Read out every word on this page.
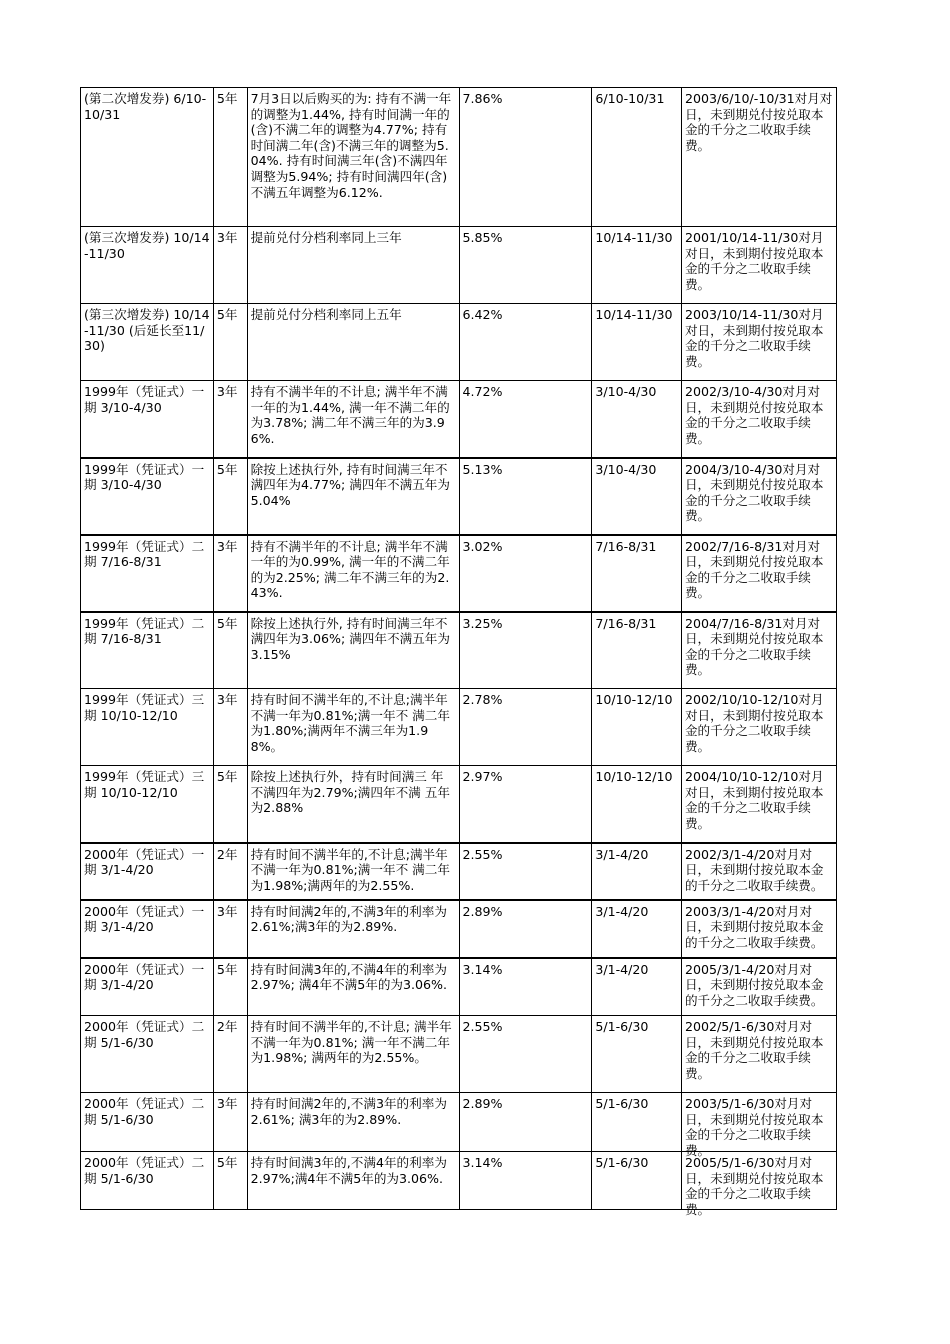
(第二次增发券) 6/10-10/31	5年	7月3日以后购买的为: 持有不满一年的调整为1.44%, 持有时间满一年的(含)不满二年的调整为4.77%; 持有时间满二年(含)不满三年的调整为5.04%. 持有时间满三年(含)不满四年调整为5.94%; 持有时间满四年(含)不满五年调整为6.12%.	7.86%	6/10-10/31	2003/6/10/-10/31对月对日，未到期兑付按兑取本金的千分之二收取手续费。
(第三次增发券) 10/14-11/30	3年	提前兑付分档利率同上三年	5.85%	10/14-11/30	2001/10/14-11/30对月对日，未到期付按兑取本金的千分之二收取手续费。
(第三次增发券) 10/14-11/30 (后延长至11/30)	5年	提前兑付分档利率同上五年	6.42%	10/14-11/30	2003/10/14-11/30对月对日，未到期付按兑取本金的千分之二收取手续费。
1999年（凭证式）一期 3/10-4/30	3年	持有不满半年的不计息; 满半年不满一年的为1.44%, 满一年不满二年的为3.78%; 满二年不满三年的为3.96%.	4.72%	3/10-4/30	2002/3/10-4/30对月对日，未到期兑付按兑取本金的千分之二收取手续费。
1999年（凭证式）一期 3/10-4/30	5年	除按上述执行外, 持有时间满三年不满四年为4.77%; 满四年不满五年为5.04%	5.13%	3/10-4/30	2004/3/10-4/30对月对日，未到期兑付按兑取本金的千分之二收取手续费。
1999年（凭证式）二期 7/16-8/31	3年	持有不满半年的不计息; 满半年不满一年的为0.99%, 满一年的不满二年的为2.25%; 满二年不满三年的为2.43%.	3.02%	7/16-8/31	2002/7/16-8/31对月对日，未到期兑付按兑取本金的千分之二收取手续费。
1999年（凭证式）二期 7/16-8/31	5年	除按上述执行外, 持有时间满三年不满四年为3.06%; 满四年不满五年为3.15%	3.25%	7/16-8/31	2004/7/16-8/31对月对日，未到期兑付按兑取本金的千分之二收取手续费。
1999年（凭证式）三期 10/10-12/10	3年	持有时间不满半年的,不计息;满半年不满一年为0.81%;满一年不 满二年为1.80%;满两年不满三年为1.98%。	2.78%	10/10-12/10	2002/10/10-12/10对月对日，未到期付按兑取本金的千分之二收取手续费。
1999年（凭证式）三期 10/10-12/10	5年	除按上述执行外，持有时间满三 年不满四年为2.79%;满四年不满 五年为2.88%	2.97%	10/10-12/10	2004/10/10-12/10对月对日，未到期付按兑取本金的千分之二收取手续费。
2000年（凭证式）一期 3/1-4/20	2年	持有时间不满半年的,不计息;满半年不满一年为0.81%;满一年不 满二年为1.98%;满两年的为2.55%.	2.55%	3/1-4/20	2002/3/1-4/20对月对日，未到期付按兑取本金的千分之二收取手续费。

2000年（凭证式）一期 3/1-4/20	3年	持有时间满2年的,不满3年的利率为 2.61%;满3年的为2.89%.	2.89%	3/1-4/20	2003/3/1-4/20对月对日，未到期付按兑取本金的千分之二收取手续费。

2000年（凭证式）一期 3/1-4/20	5年	持有时间满3年的,不满4年的利率为2.97%; 满4年不满5年的为3.06%.	3.14%	3/1-4/20	2005/3/1-4/20对月对日，未到期付按兑取本金的千分之二收取手续费。

2000年（凭证式）二期 5/1-6/30	2年	持有时间不满半年的,不计息; 满半年不满一年为0.81%; 满一年不满二年为1.98%; 满两年的为2.55%。	2.55%	5/1-6/30	2002/5/1-6/30对月对日，未到期兑付按兑取本金的千分之二收取手续费。
2000年（凭证式）二期 5/1-6/30	3年	持有时间满2年的,不满3年的利率为2.61%; 满3年的为2.89%.	2.89%	5/1-6/30	2003/5/1-6/30对月对日，未到期兑付按兑取本金的千分之二收取手续费。

2000年（凭证式）二期 5/1-6/30	5年	持有时间满3年的,不满4年的利率为 2.97%;满4年不满5年的为3.06%.	3.14%	5/1-6/30	2005/5/1-6/30对月对日，未到期兑付按兑取本金的千分之二收取手续费。
